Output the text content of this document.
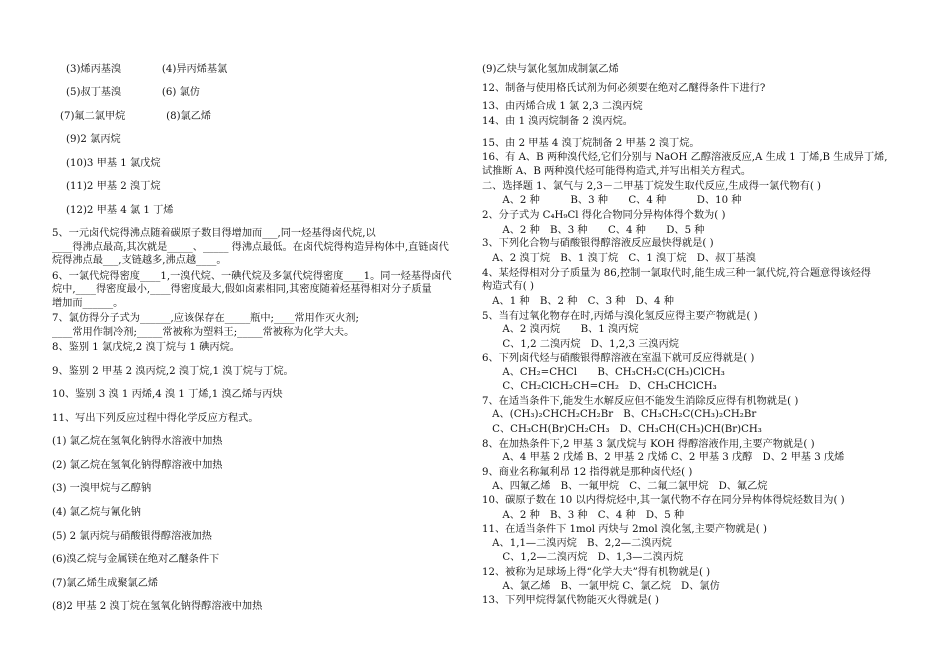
(3)烯丙基溴　　　　(4)异丙烯基氯
(5)叔丁基溴　　　　(6) 氯仿
(7)氟二氯甲烷　　　　(8)氯乙烯
(9)2 氯丙烷
(10)3 甲基 1 氯戊烷
(11)2 甲基 2 溴丁烷
(12)2 甲基 4 氯 1 丁烯
5、一元卤代烷得沸点随着碳原子数目得增加而___,同一烃基得卤代烷,以
____得沸点最高,其次就是_____、_____ 得沸点最低。在卤代烷得构造异构体中,直链卤代
烷得沸点最___,支链越多,沸点越____。
6、一氯代烷得密度____1,一溴代烷、一碘代烷及多氯代烷得密度____1。同一烃基得卤代
烷中,____得密度最小,____得密度最大,假如卤素相同,其密度随着烃基得相对分子质量
增加而______。
7、氯仿得分子式为______,应该保存在_____瓶中;____常用作灭火剂;
____常用作制冷剂;_____常被称为塑料王;_____常被称为化学大夫。
8、鉴别 1 氯戊烷,2 溴丁烷与 1 碘丙烷。
9、鉴别 2 甲基 2 溴丙烷,2 溴丁烷,1 溴丁烷与丁烷。
10、鉴别 3 溴 1 丙烯,4 溴 1 丁烯,1 溴乙烯与丙炔
11、写出下列反应过程中得化学反应方程式。
(1) 氯乙烷在氢氧化钠得水溶液中加热
(2) 氯乙烷在氢氧化钠得醇溶液中加热
(3) 一溴甲烷与乙醇钠
(4) 氯乙烷与氰化钠
(5) 2 氯丙烷与硝酸银得醇溶液加热
(6)溴乙烷与金属镁在绝对乙醚条件下
(7)氯乙烯生成聚氯乙烯
(8)2 甲基 2 溴丁烷在氢氧化钠得醇溶液中加热
(9)乙炔与氯化氢加成制氯乙烯
12、制备与使用格氏试剂为何必须要在绝对乙醚得条件下进行?
13、由丙烯合成 1 氯 2,3 二溴丙烷
14、由 1 溴丙烷制备 2 溴丙烷。
15、由 2 甲基 4 溴丁烷制备 2 甲基 2 溴丁烷。
16、有 A、B 两种溴代烃,它们分别与 NaOH 乙醇溶液反应,A 生成 1 丁烯,B 生成异丁烯,
试推断 A、B 两种溴代烃可能得构造式,并写出相关方程式。
二、选择题 1、氯气与 2,3－二甲基丁烷发生取代反应,生成得一氯代物有( )
　　A、2 种　　　B、3 种　　C、4 种　　　D、10 种
2、分子式为 C₄H₉Cl 得化合物同分异构体得个数为( )
　　A、2 种　B、3 种　　C、4 种　　D、5 种
3、下列化合物与硝酸银得醇溶液反应最快得就是( )
　A、2 溴丁烷　B、1 溴丁烷　C、1 溴丁烷　D、叔丁基溴
4、某烃得相对分子质量为 86,控制一氯取代时,能生成三种一氯代烷,符合题意得该烃得
构造式有( )
　A、1 种　B、2 种　C、3 种　D、4 种
5、当有过氧化物存在时,丙烯与溴化氢反应得主要产物就是( )
　　A、2 溴丙烷　　B、1 溴丙烷
　　C、1,2 二溴丙烷　D、1,2,3 三溴丙烷
6、下列卤代烃与硝酸银得醇溶液在室温下就可反应得就是( )
　　A、CH₂=CHCl　　B、CH₃CH₂C(CH₃)ClCH₃
　　C、CH₂ClCH₂CH=CH₂　D、CH₃CHClCH₃
7、在适当条件下,能发生水解反应但不能发生消除反应得有机物就是( )
　A、(CH₃)₂CHCH₂CH₂Br　B、CH₃CH₂C(CH₃)₂CH₂Br
　C、CH₃CH(Br)CH₂CH₃　D、CH₃CH(CH₃)CH(Br)CH₃
8、在加热条件下,2 甲基 3 氯戊烷与 KOH 得醇溶液作用,主要产物就是( )
　　A、4 甲基 2 戊烯 B、2 甲基 2 戊烯 C、2 甲基 3 戊醇　D、2 甲基 3 戊烯
9、商业名称氟利昂 12 指得就是那种卤代烃( )
　A、四氟乙烯　B、一氟甲烷　C、二氟二氯甲烷　D、氟乙烷
10、碳原子数在 10 以内得烷烃中,其一氯代物不存在同分异构体得烷烃数目为( )
　　A、2 种　B、3 种　C、4 种　D、5 种
11、在适当条件下 1mol 丙炔与 2mol 溴化氢,主要产物就是( )
　A、1,1—二溴丙烷　B、2,2—二溴丙烷
　　C、1,2—二溴丙烷　D、1,3—二溴丙烷
12、被称为足球场上得“化学大夫”得有机物就是( )
　　A、氯乙烯　B、一氯甲烷 C、氯乙烷　D、氯仿
13、下列甲烷得氯代物能灭火得就是( )
